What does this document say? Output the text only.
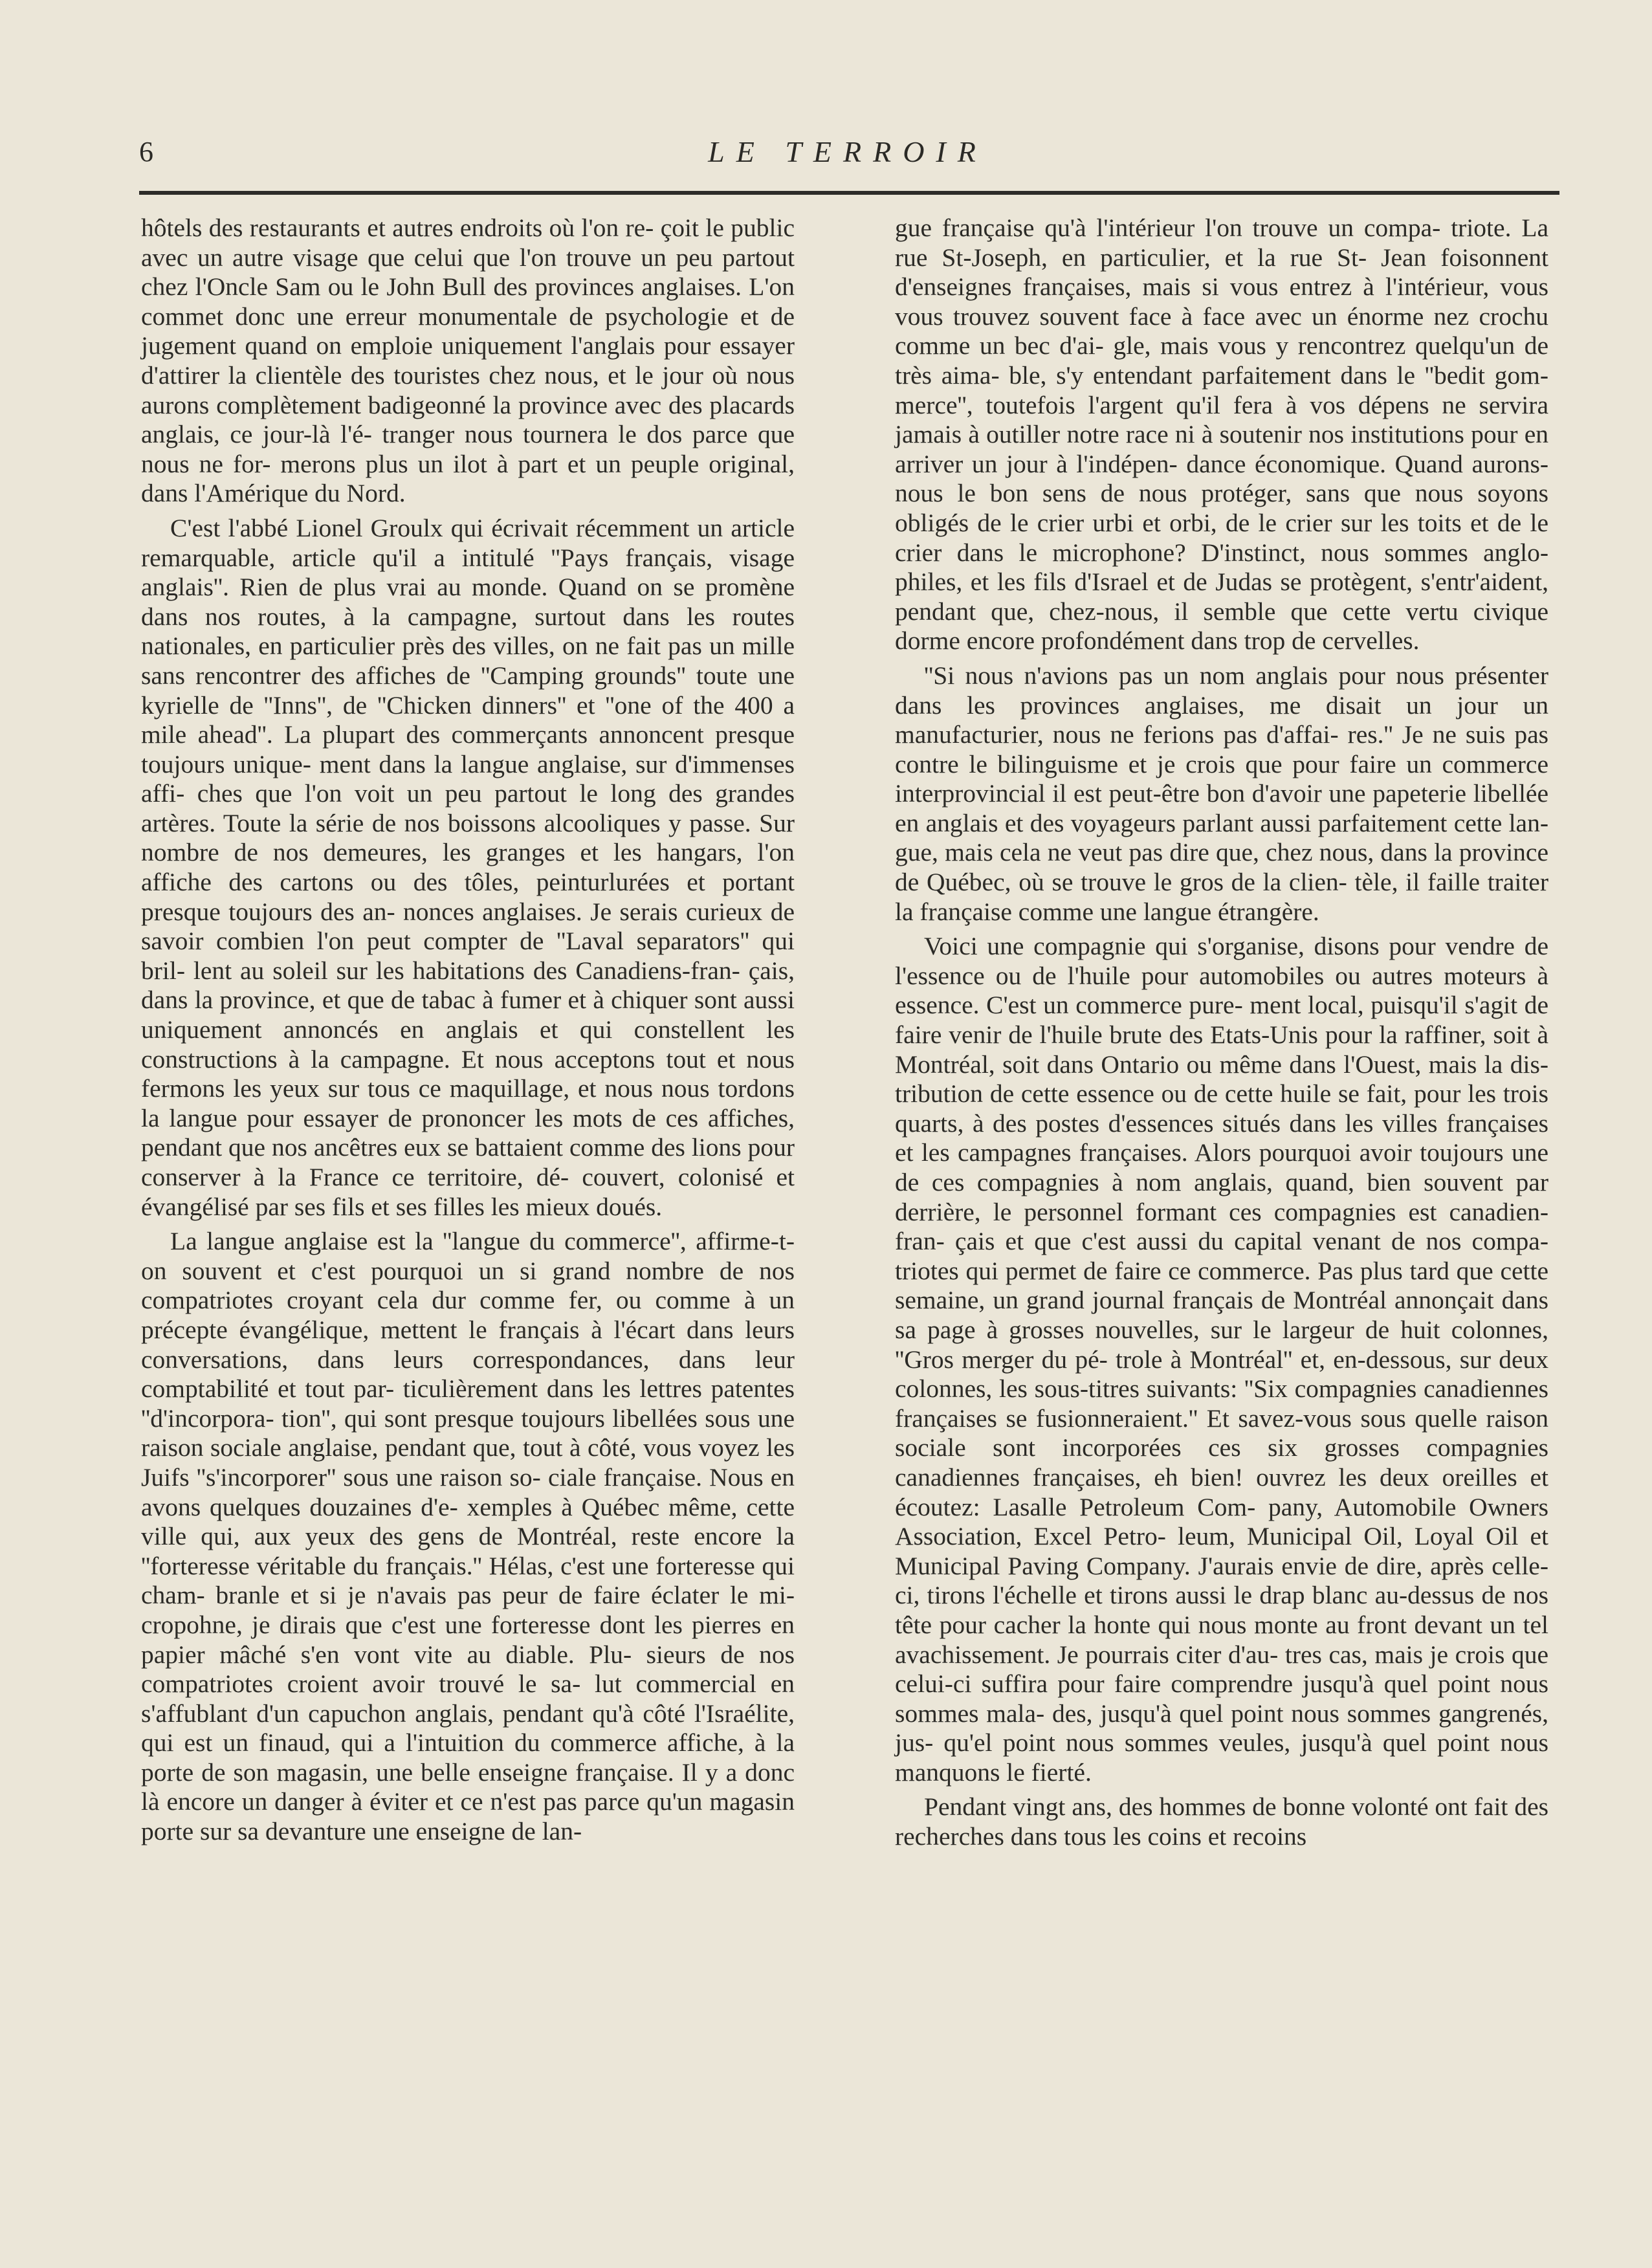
6	LE TERROIR

hôtels des restaurants et autres endroits où l'on re- çoit le public avec un autre visage que celui que l'on trouve un peu partout chez l'Oncle Sam ou le John Bull des provinces anglaises. L'on commet donc une erreur monumentale de psychologie et de jugement quand on emploie uniquement l'anglais pour essayer d'attirer la clientèle des touristes chez nous, et le jour où nous aurons complètement badigeonné la province avec des placards anglais, ce jour-là l'é- tranger nous tournera le dos parce que nous ne for- merons plus un ilot à part et un peuple original, dans l'Amérique du Nord.

C'est l'abbé Lionel Groulx qui écrivait récemment un article remarquable, article qu'il a intitulé ''Pays français, visage anglais''. Rien de plus vrai au monde. Quand on se promène dans nos routes, à la campagne, surtout dans les routes nationales, en particulier près des villes, on ne fait pas un mille sans rencontrer des affiches de ''Camping grounds'' toute une kyrielle de ''Inns'', de ''Chicken dinners'' et ''one of the 400 a mile ahead''. La plupart des commerçants annoncent presque toujours unique- ment dans la langue anglaise, sur d'immenses affi- ches que l'on voit un peu partout le long des grandes artères. Toute la série de nos boissons alcooliques y passe. Sur nombre de nos demeures, les granges et les hangars, l'on affiche des cartons ou des tôles, peinturlurées et portant presque toujours des an- nonces anglaises. Je serais curieux de savoir combien l'on peut compter de ''Laval separators'' qui bril- lent au soleil sur les habitations des Canadiens-fran- çais, dans la province, et que de tabac à fumer et à chiquer sont aussi uniquement annoncés en anglais et qui constellent les constructions à la campagne. Et nous acceptons tout et nous fermons les yeux sur tous ce maquillage, et nous nous tordons la langue pour essayer de prononcer les mots de ces affiches, pendant que nos ancêtres eux se battaient comme des lions pour conserver à la France ce territoire, dé- couvert, colonisé et évangélisé par ses fils et ses filles les mieux doués.

La langue anglaise est la ''langue du commerce'', affirme-t-on souvent et c'est pourquoi un si grand nombre de nos compatriotes croyant cela dur comme fer, ou comme à un précepte évangélique, mettent le français à l'écart dans leurs conversations, dans leurs correspondances, dans leur comptabilité et tout par- ticulièrement dans les lettres patentes ''d'incorpora- tion'', qui sont presque toujours libellées sous une raison sociale anglaise, pendant que, tout à côté, vous voyez les Juifs ''s'incorporer'' sous une raison so- ciale française. Nous en avons quelques douzaines d'e- xemples à Québec même, cette ville qui, aux yeux des gens de Montréal, reste encore la ''forteresse véritable du français.'' Hélas, c'est une forteresse qui cham- branle et si je n'avais pas peur de faire éclater le mi- cropohne, je dirais que c'est une forteresse dont les pierres en papier mâché s'en vont vite au diable. Plu- sieurs de nos compatriotes croient avoir trouvé le sa- lut commercial en s'affublant d'un capuchon anglais, pendant qu'à côté l'Israélite, qui est un finaud, qui a l'intuition du commerce affiche, à la porte de son magasin, une belle enseigne française. Il y a donc là encore un danger à éviter et ce n'est pas parce qu'un magasin porte sur sa devanture une enseigne de lan-

gue française qu'à l'intérieur l'on trouve un compa- triote. La rue St-Joseph, en particulier, et la rue St- Jean foisonnent d'enseignes françaises, mais si vous entrez à l'intérieur, vous vous trouvez souvent face à face avec un énorme nez crochu comme un bec d'ai- gle, mais vous y rencontrez quelqu'un de très aima- ble, s'y entendant parfaitement dans le ''bedit gom- merce'', toutefois l'argent qu'il fera à vos dépens ne servira jamais à outiller notre race ni à soutenir nos institutions pour en arriver un jour à l'indépen- dance économique. Quand aurons-nous le bon sens de nous protéger, sans que nous soyons obligés de le crier urbi et orbi, de le crier sur les toits et de le crier dans le microphone? D'instinct, nous sommes anglo- philes, et les fils d'Israel et de Judas se protègent, s'entr'aident, pendant que, chez-nous, il semble que cette vertu civique dorme encore profondément dans trop de cervelles.

''Si nous n'avions pas un nom anglais pour nous présenter dans les provinces anglaises, me disait un jour un manufacturier, nous ne ferions pas d'affai- res.'' Je ne suis pas contre le bilinguisme et je crois que pour faire un commerce interprovincial il est peut-être bon d'avoir une papeterie libellée en anglais et des voyageurs parlant aussi parfaitement cette lan- gue, mais cela ne veut pas dire que, chez nous, dans la province de Québec, où se trouve le gros de la clien- tèle, il faille traiter la française comme une langue étrangère.

Voici une compagnie qui s'organise, disons pour vendre de l'essence ou de l'huile pour automobiles ou autres moteurs à essence. C'est un commerce pure- ment local, puisqu'il s'agit de faire venir de l'huile brute des Etats-Unis pour la raffiner, soit à Montréal, soit dans Ontario ou même dans l'Ouest, mais la dis- tribution de cette essence ou de cette huile se fait, pour les trois quarts, à des postes d'essences situés dans les villes françaises et les campagnes françaises. Alors pourquoi avoir toujours une de ces compagnies à nom anglais, quand, bien souvent par derrière, le personnel formant ces compagnies est canadien-fran- çais et que c'est aussi du capital venant de nos compa- triotes qui permet de faire ce commerce. Pas plus tard que cette semaine, un grand journal français de Montréal annonçait dans sa page à grosses nouvelles, sur le largeur de huit colonnes, ''Gros merger du pé- trole à Montréal'' et, en-dessous, sur deux colonnes, les sous-titres suivants: ''Six compagnies canadiennes françaises se fusionneraient.'' Et savez-vous sous quelle raison sociale sont incorporées ces six grosses compagnies canadiennes françaises, eh bien! ouvrez les deux oreilles et écoutez: Lasalle Petroleum Com- pany, Automobile Owners Association, Excel Petro- leum, Municipal Oil, Loyal Oil et Municipal Paving Company. J'aurais envie de dire, après celle-ci, tirons l'échelle et tirons aussi le drap blanc au-dessus de nos tête pour cacher la honte qui nous monte au front devant un tel avachissement. Je pourrais citer d'au- tres cas, mais je crois que celui-ci suffira pour faire comprendre jusqu'à quel point nous sommes mala- des, jusqu'à quel point nous sommes gangrenés, jus- qu'el point nous sommes veules, jusqu'à quel point nous manquons le fierté.

Pendant vingt ans, des hommes de bonne volonté ont fait des recherches dans tous les coins et recoins
